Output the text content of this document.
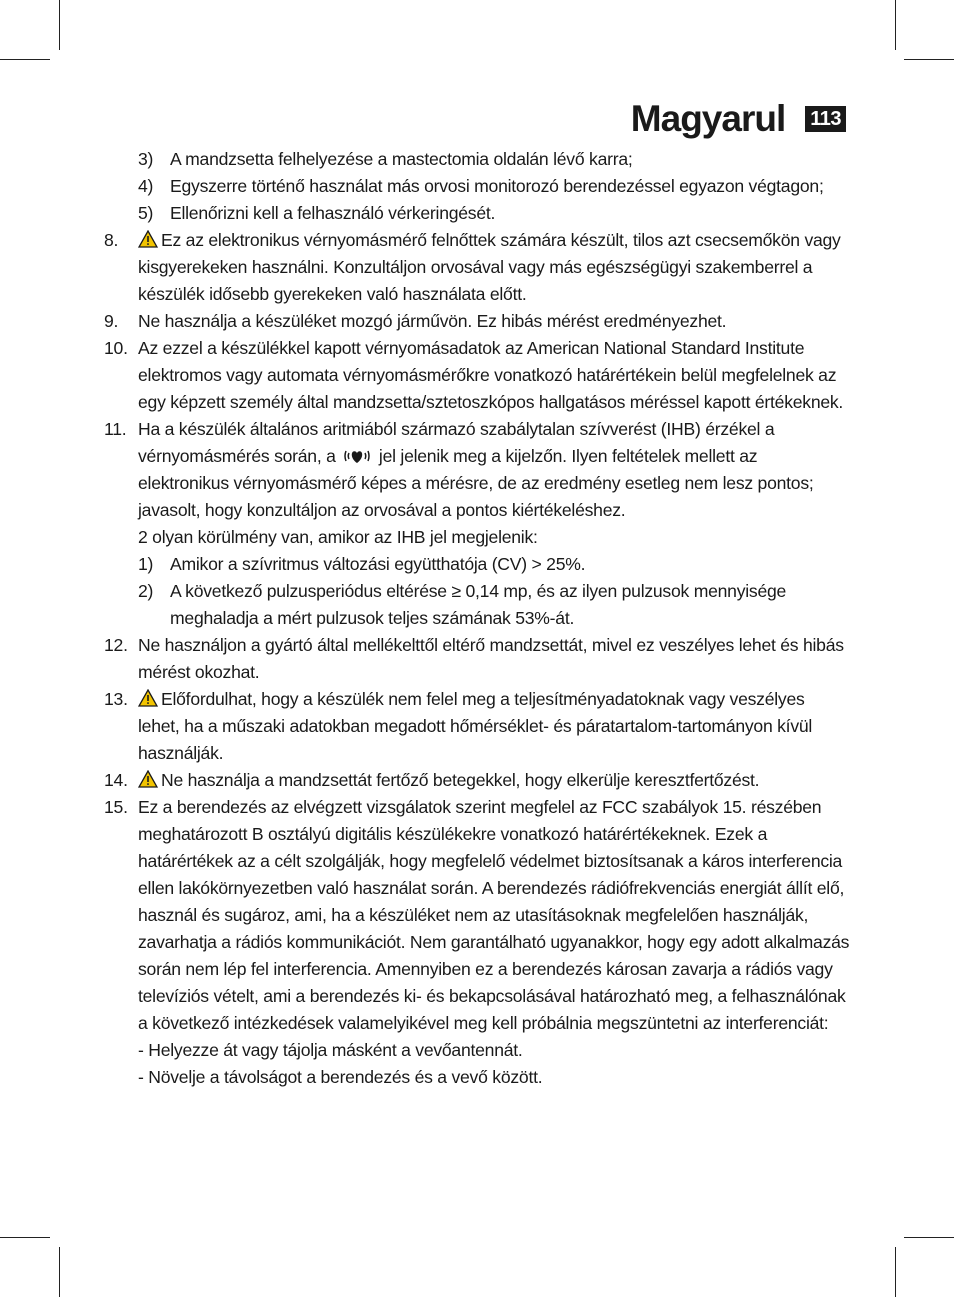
Magyarul 113
3) A mandzsetta felhelyezése a mastectomia oldalán lévő karra;
4) Egyszerre történő használat más orvosi monitorozó berendezéssel egyazon végtagon;
5) Ellenőrizni kell a felhasználó vérkeringését.
8.	Ez az elektronikus vérnyomásmérő felnőttek számára készült, tilos azt csecsemőkön vagy kisgyerekeken használni. Konzultáljon orvosával vagy más egészségügyi szakemberrel a készülék idősebb gyerekeken való használata előtt.
9.	Ne használja a készüléket mozgó járművön. Ez hibás mérést eredményezhet.
10. Az ezzel a készülékkel kapott vérnyomásadatok az American National Standard Institute elektromos vagy automata vérnyomásmérőkre vonatkozó határértékein belül megfelelnek az egy képzett személy által mandzsetta/sztetoszkópos hallgatásos méréssel kapott értékeknek.
11. Ha a készülék általános aritmiából származó szabálytalan szívverést (IHB) érzékel a vérnyomásmérés során, a jel jelenik meg a kijelzőn. Ilyen feltételek mellett az elektronikus vérnyomásmérő képes a mérésre, de az eredmény esetleg nem lesz pontos; javasolt, hogy konzultáljon az orvosával a pontos kiértékeléshez.
2 olyan körülmény van, amikor az IHB jel megjelenik:
1) Amikor a szívritmus változási együtthatója (CV) > 25%.
2) A következő pulzusperiódus eltérése ≥ 0,14 mp, és az ilyen pulzusok mennyisége meghaladja a mért pulzusok teljes számának 53%-át.
12. Ne használjon a gyártó által mellékelttől eltérő mandzsettát, mivel ez veszélyes lehet és hibás mérést okozhat.
13.	Előfordulhat, hogy a készülék nem felel meg a teljesítményadatoknak vagy veszélyes lehet, ha a műszaki adatokban megadott hőmérséklet- és páratartalom-tartományon kívül használják.
14.	Ne használja a mandzsettát fertőző betegekkel, hogy elkerülje keresztfertőzést.
15. Ez a berendezés az elvégzett vizsgálatok szerint megfelel az FCC szabályok 15. részében meghatározott B osztályú digitális készülékekre vonatkozó határértékeknek. Ezek a határértékek az a célt szolgálják, hogy megfelelő védelmet biztosítsanak a káros interferencia ellen lakókörnyezetben való használat során. A berendezés rádiófrekvenciás energiát állít elő, használ és sugároz, ami, ha a készüléket nem az utasításoknak megfelelően használják, zavarhatja a rádiós kommunikációt. Nem garantálható ugyanakkor, hogy egy adott alkalmazás során nem lép fel interferencia. Amennyiben ez a berendezés károsan zavarja a rádiós vagy televíziós vételt, ami a berendezés ki- és bekapcsolásával határozható meg, a felhasználónak a következő intézkedések valamelyikével meg kell próbálnia megszüntetni az interferenciát:
- Helyezze át vagy tájolja másként a vevőantennát.
- Növelje a távolságot a berendezés és a vevő között.
